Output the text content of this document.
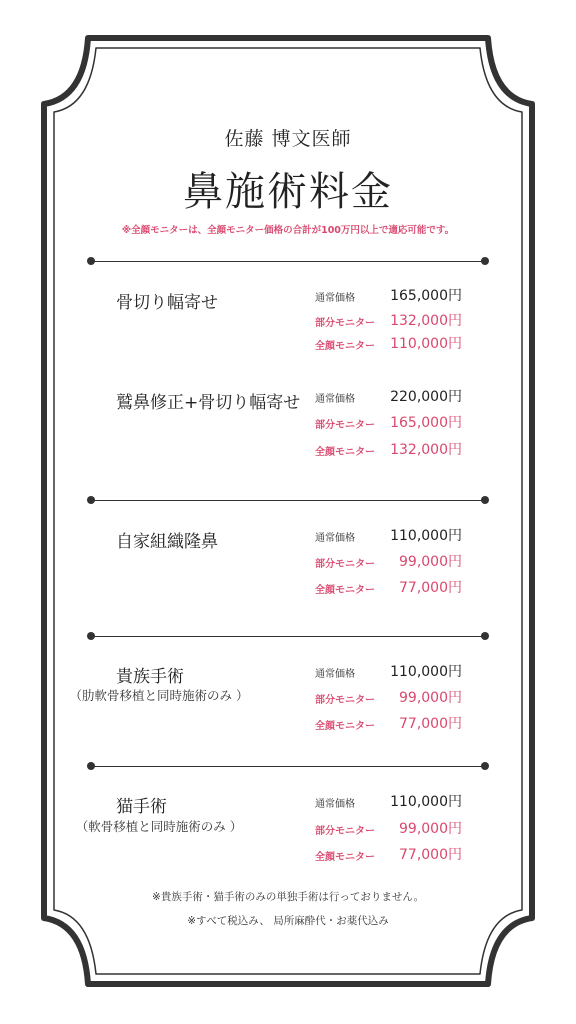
佐藤 博文医師
鼻施術料金
※全顔モニターは、全顔モニター価格の合計が100万円以上で適応可能です。
骨切り幅寄せ	通常価格	165,000円
部分モニター	132,000円
全顔モニター	110,000円
鷲鼻修正+骨切り幅寄せ 通常価格	220,000円
部分モニター	165,000円
全顔モニター	132,000円
自家組織隆鼻	通常価格	110,000円
部分モニター	99,000円
全顔モニター	77,000円
貴族手術
（肋軟骨移植と同時施術のみ ）
通常価格	110,000円
部分モニター	99,000円
全顔モニター	77,000円
猫手術
（軟骨移植と同時施術のみ ）
通常価格	110,000円
部分モニター	99,000円
全顔モニター	77,000円
※貴族手術・猫手術のみの単独手術は行っておりません。
※すべて税込み、 局所麻酔代・お薬代込み
